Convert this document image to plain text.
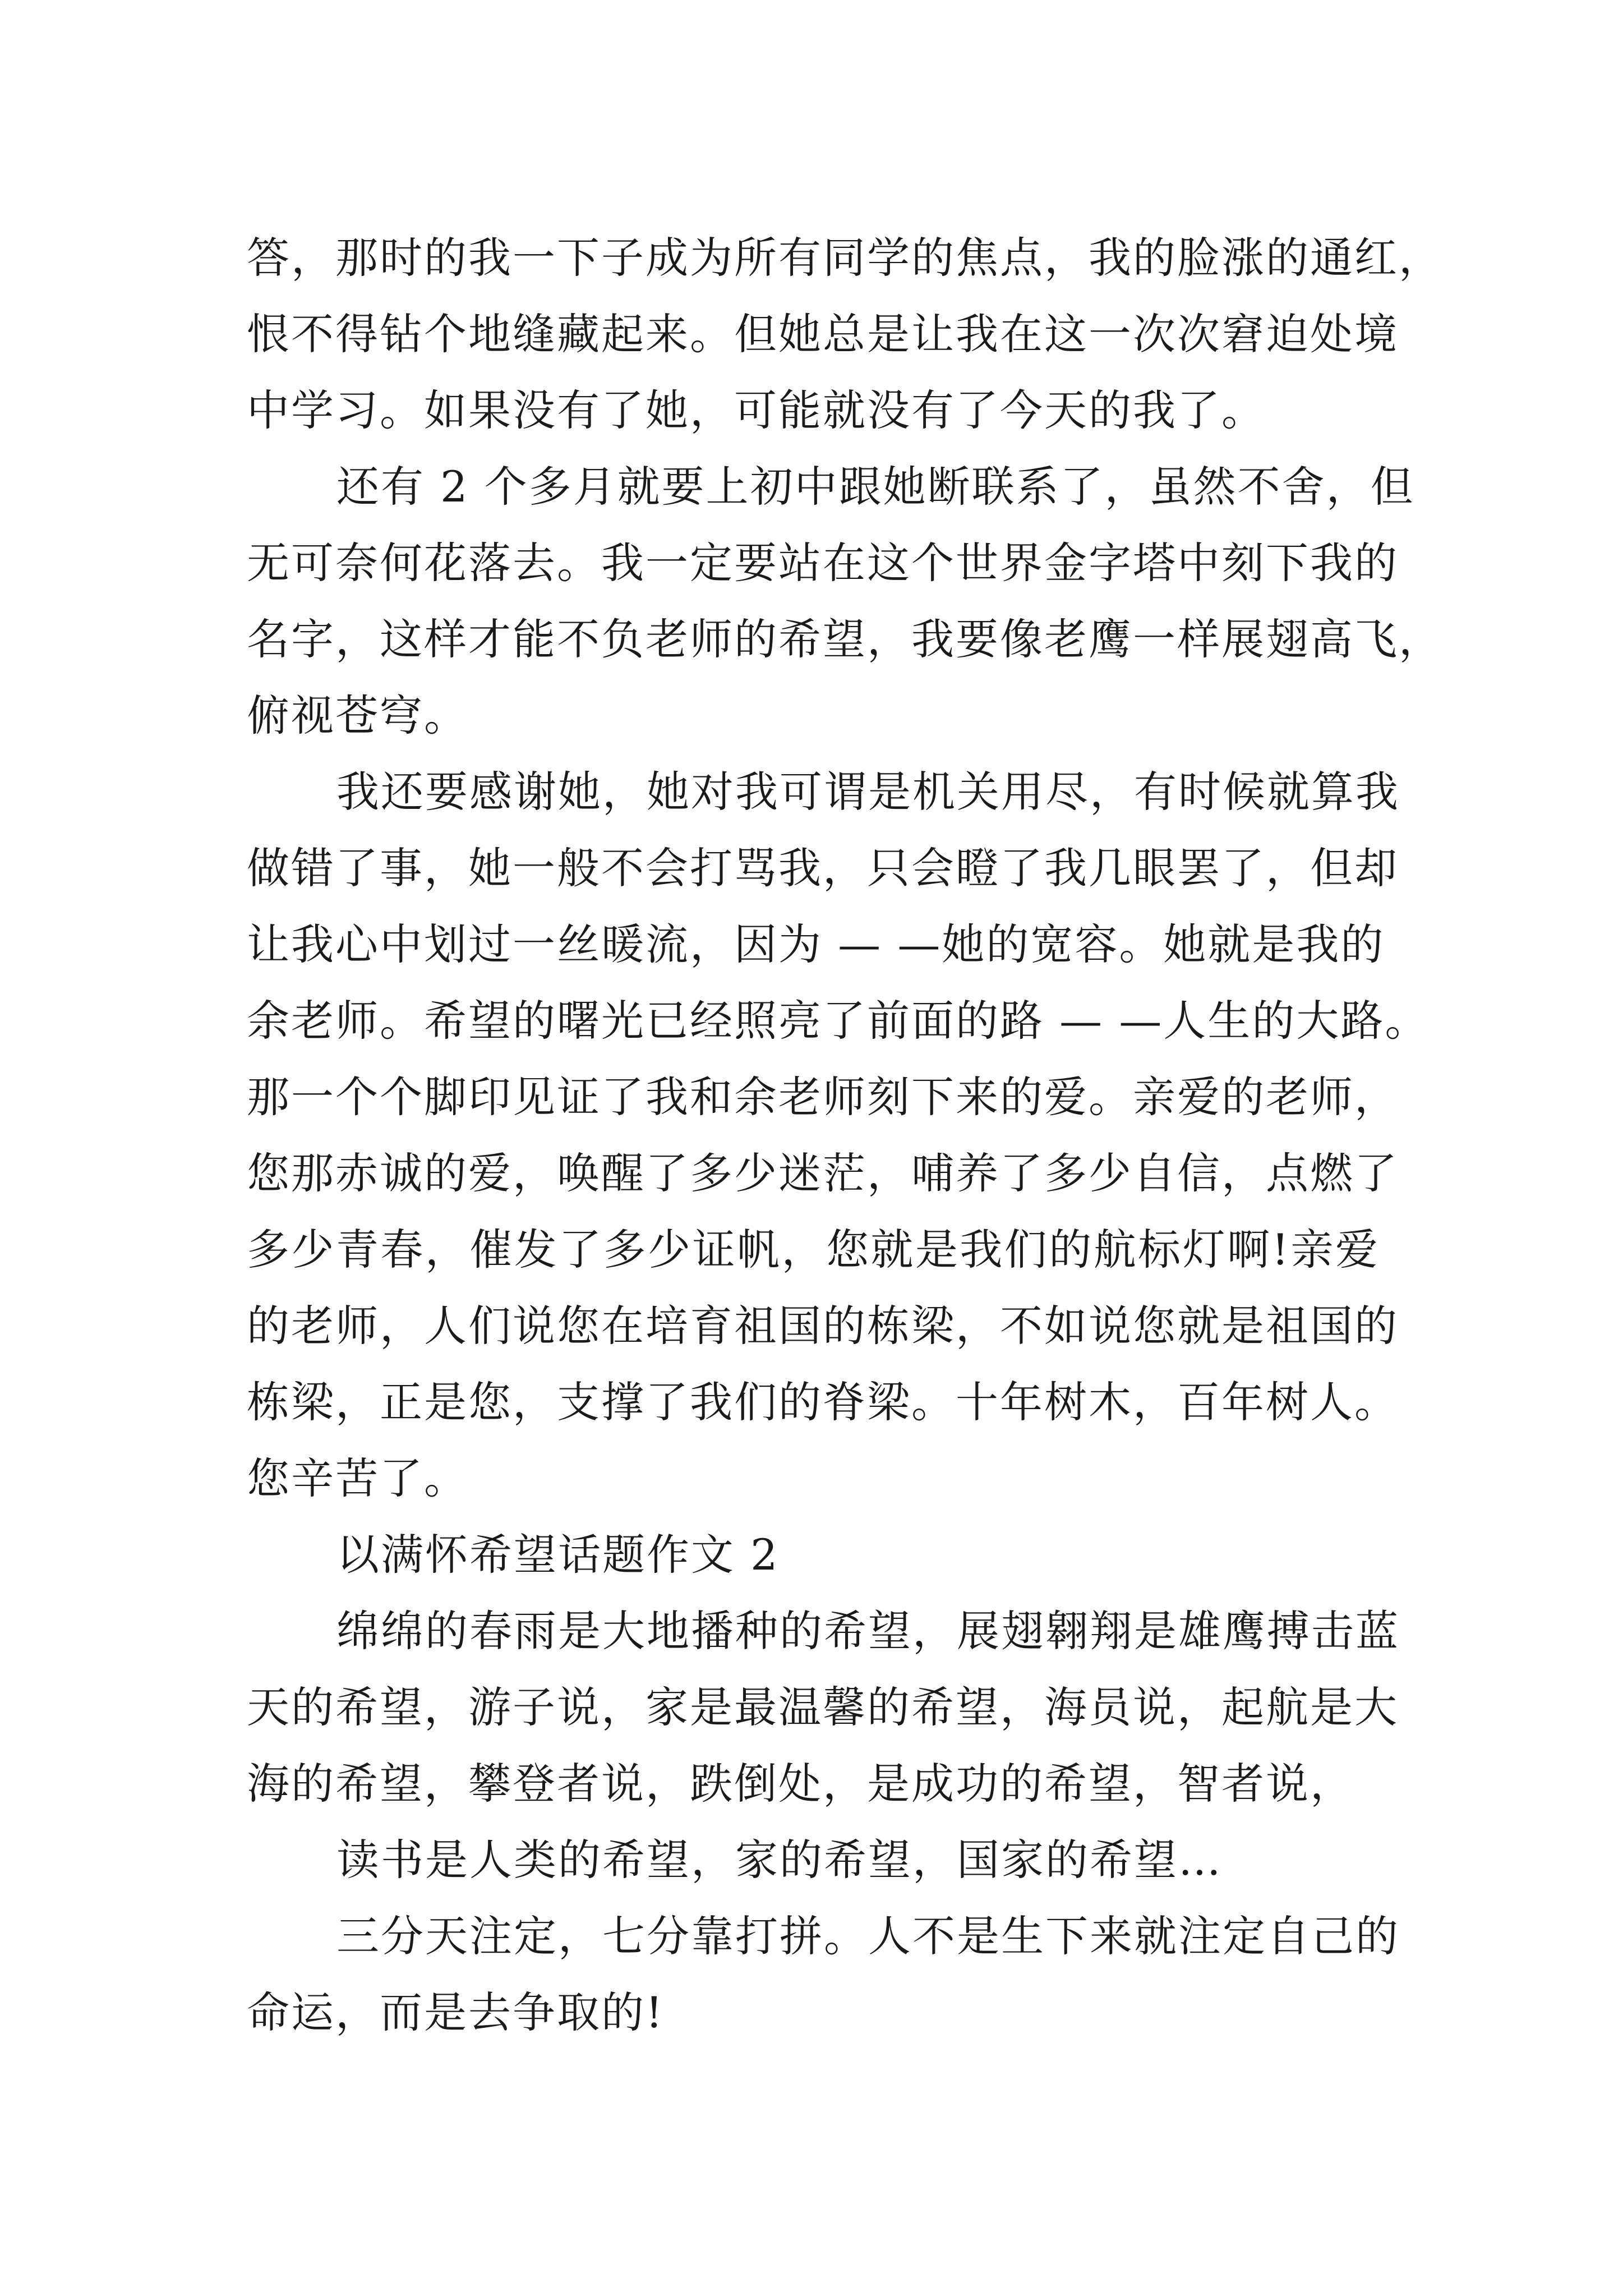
答，那时的我一下子成为所有同学的焦点，我的脸涨的通红，
恨不得钻个地缝藏起来。但她总是让我在这一次次窘迫处境
中学习。如果没有了她，可能就没有了今天的我了。
还有 2 个多月就要上初中跟她断联系了，虽然不舍，但
无可奈何花落去。我一定要站在这个世界金字塔中刻下我的
名字，这样才能不负老师的希望，我要像老鹰一样展翅高飞，
俯视苍穹。
我还要感谢她，她对我可谓是机关用尽，有时候就算我
做错了事，她一般不会打骂我，只会瞪了我几眼罢了，但却
让我心中划过一丝暖流，因为 — —她的宽容。她就是我的
余老师。希望的曙光已经照亮了前面的路 — —人生的大路。
那一个个脚印见证了我和余老师刻下来的爱。亲爱的老师，
您那赤诚的爱，唤醒了多少迷茫，哺养了多少自信，点燃了
多少青春，催发了多少证帆，您就是我们的航标灯啊!亲爱
的老师，人们说您在培育祖国的栋梁，不如说您就是祖国的
栋梁，正是您，支撑了我们的脊梁。十年树木，百年树人。
您辛苦了。
以满怀希望话题作文 2
绵绵的春雨是大地播种的希望，展翅翱翔是雄鹰搏击蓝
天的希望，游子说，家是最温馨的希望，海员说，起航是大
海的希望，攀登者说，跌倒处，是成功的希望，智者说，
读书是人类的希望，家的希望，国家的希望…
三分天注定，七分靠打拼。人不是生下来就注定自己的
命运，而是去争取的!
